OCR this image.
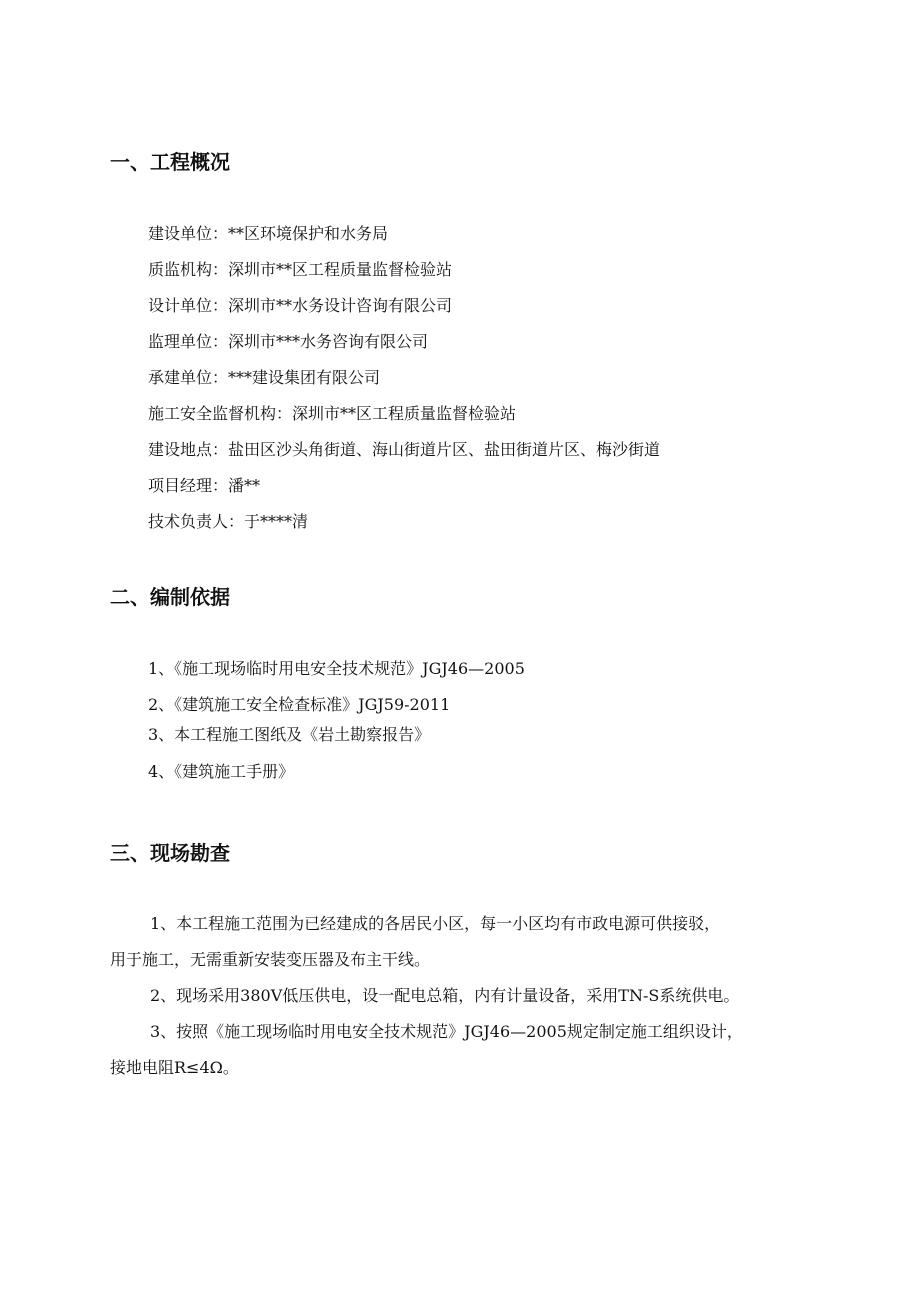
一、工程概况

建设单位：**区环境保护和水务局

质监机构：深圳市**区工程质量监督检验站

设计单位：深圳市**水务设计咨询有限公司

监理单位：深圳市***水务咨询有限公司

承建单位：***建设集团有限公司

施工安全监督机构：深圳市**区工程质量监督检验站

建设地点：盐田区沙头角街道、海山街道片区、盐田街道片区、梅沙街道

项目经理：潘**

技术负责人：于****清

二、编制依据

1、《施工现场临时用电安全技术规范》JGJ46—2005

2、《建筑施工安全检查标准》JGJ59-2011

3、本工程施工图纸及《岩土勘察报告》

4、《建筑施工手册》

三、现场勘查

1、本工程施工范围为已经建成的各居民小区，每一小区均有市政电源可供接驳，

用于施工，无需重新安装变压器及布主干线。

2、现场采用380V低压供电，设一配电总箱，内有计量设备，采用TN-S系统供电。

3、按照《施工现场临时用电安全技术规范》JGJ46—2005规定制定施工组织设计，

接地电阻R≤4Ω。
